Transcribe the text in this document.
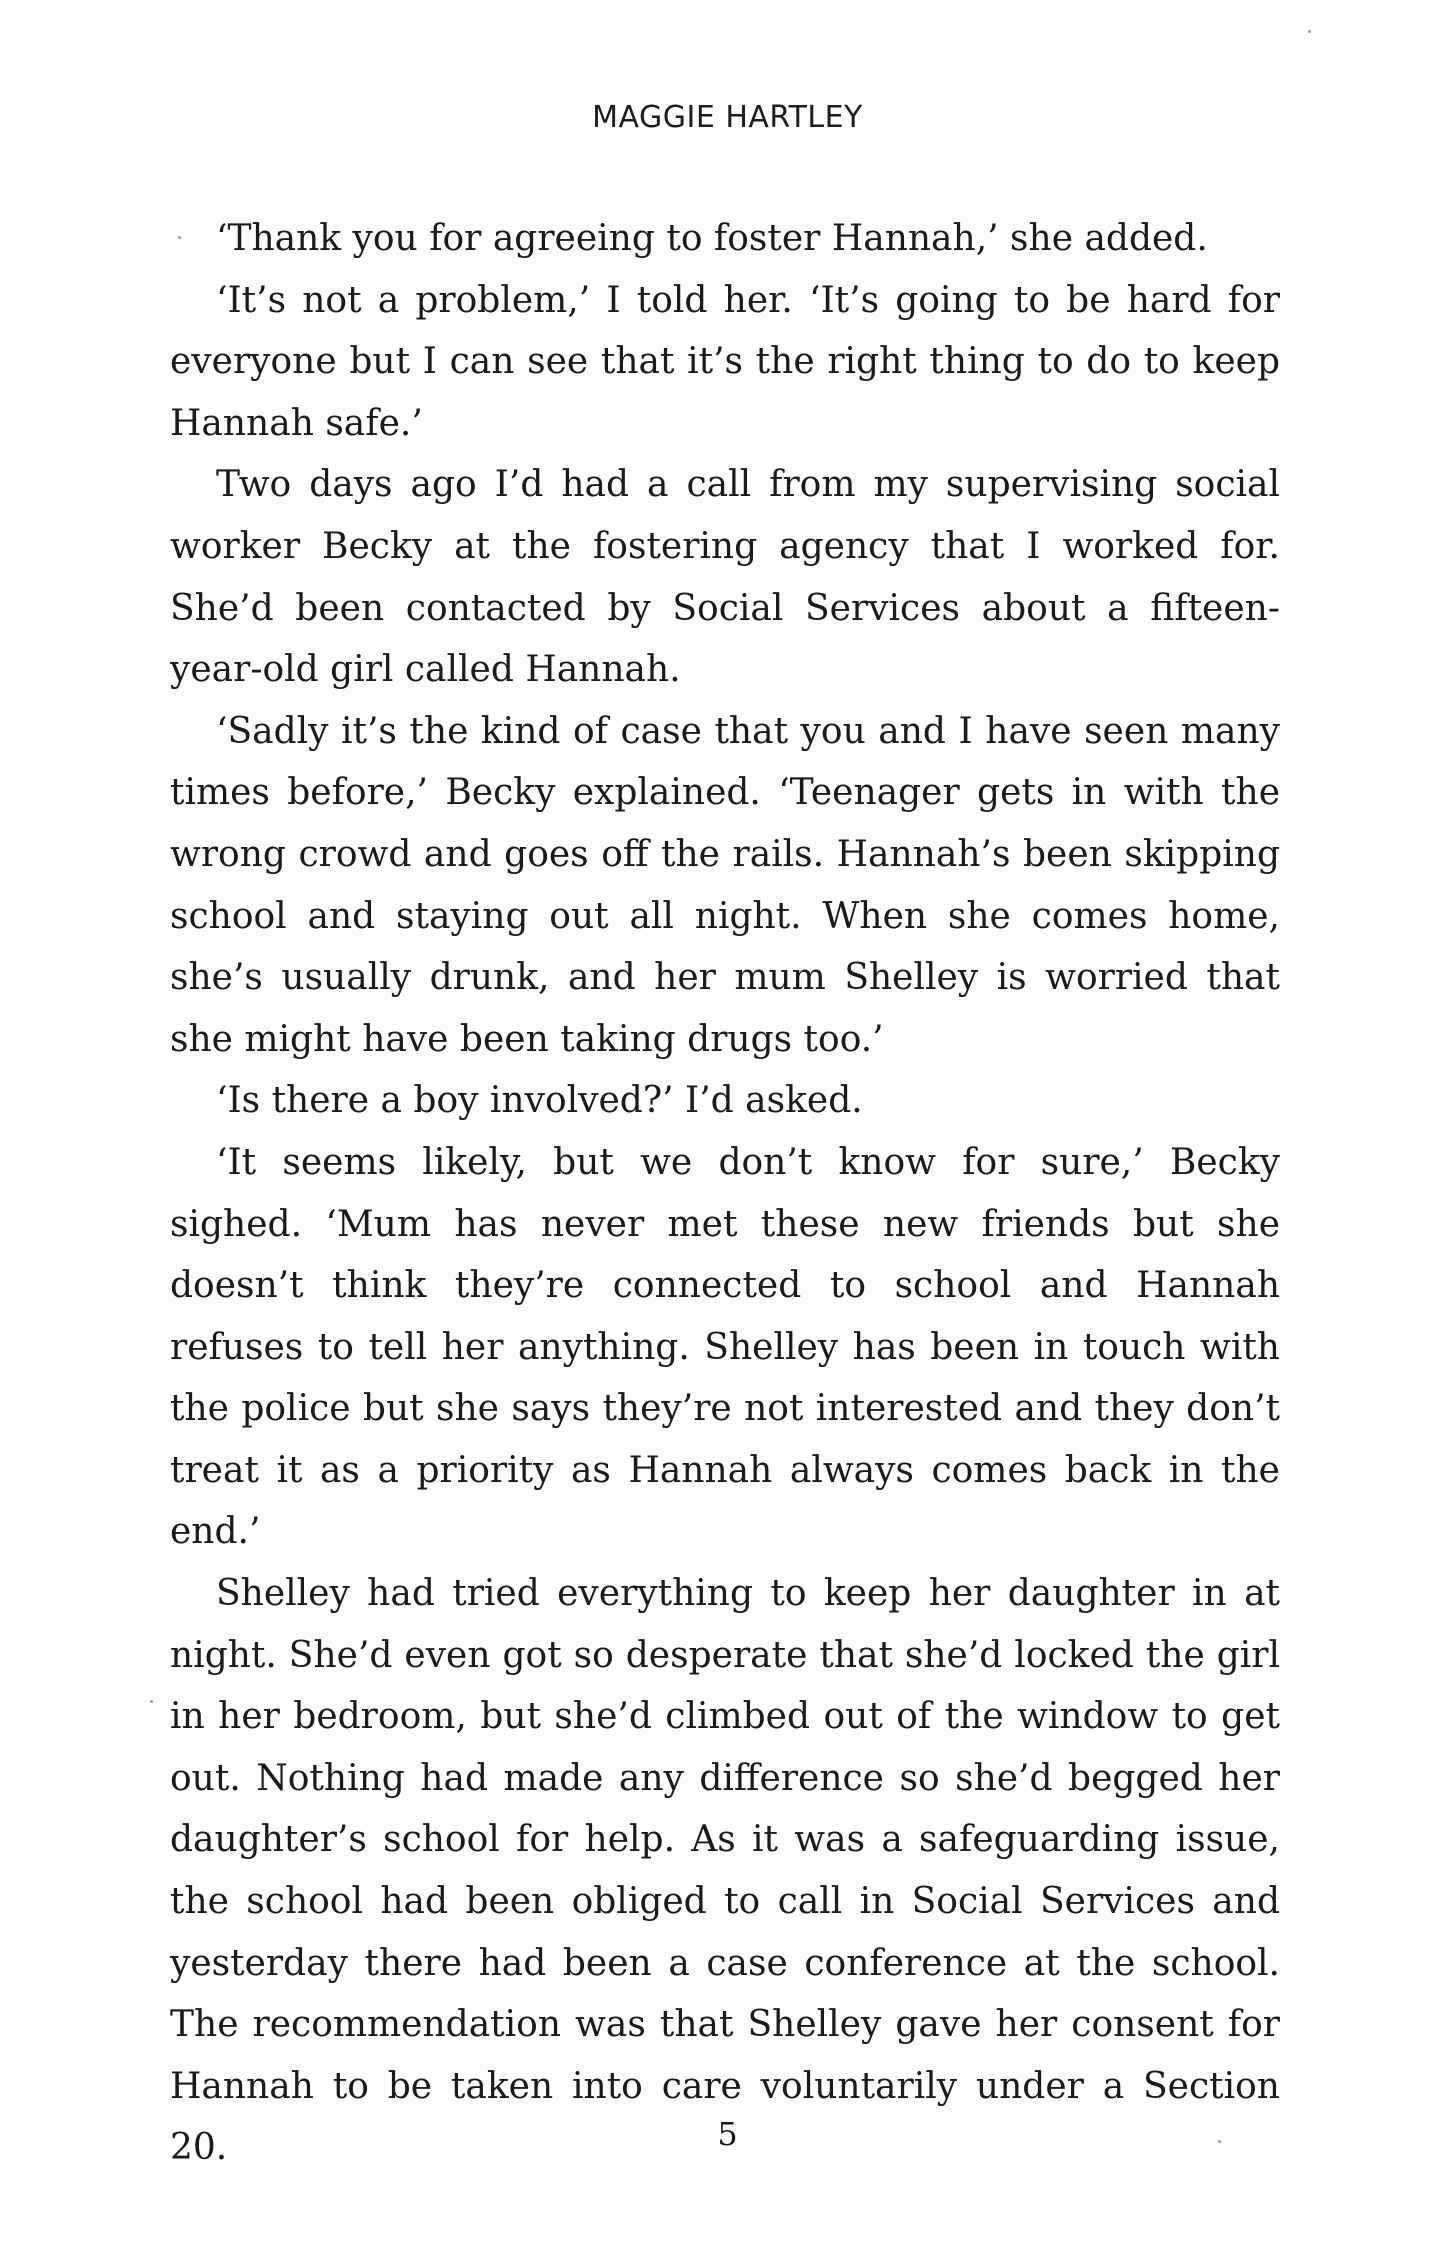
MAGGIE HARTLEY

‘Thank you for agreeing to foster Hannah,’ she added.

‘It’s not a problem,’ I told her. ‘It’s going to be hard for everyone but I can see that it’s the right thing to do to keep Hannah safe.’

Two days ago I’d had a call from my supervising social worker Becky at the fostering agency that I worked for. She’d been contacted by Social Services about a fifteen-year-old girl called Hannah.

‘Sadly it’s the kind of case that you and I have seen many times before,’ Becky explained. ‘Teenager gets in with the wrong crowd and goes off the rails. Hannah’s been skipping school and staying out all night. When she comes home, she’s usually drunk, and her mum Shelley is worried that she might have been taking drugs too.’

‘Is there a boy involved?’ I’d asked.

‘It seems likely, but we don’t know for sure,’ Becky sighed. ‘Mum has never met these new friends but she doesn’t think they’re connected to school and Hannah refuses to tell her anything. Shelley has been in touch with the police but she says they’re not interested and they don’t treat it as a priority as Hannah always comes back in the end.’

Shelley had tried everything to keep her daughter in at night. She’d even got so desperate that she’d locked the girl in her bedroom, but she’d climbed out of the window to get out. Nothing had made any difference so she’d begged her daughter’s school for help. As it was a safeguarding issue, the school had been obliged to call in Social Services and yesterday there had been a case conference at the school. The recommendation was that Shelley gave her consent for Hannah to be taken into care voluntarily under a Section 20.	5
